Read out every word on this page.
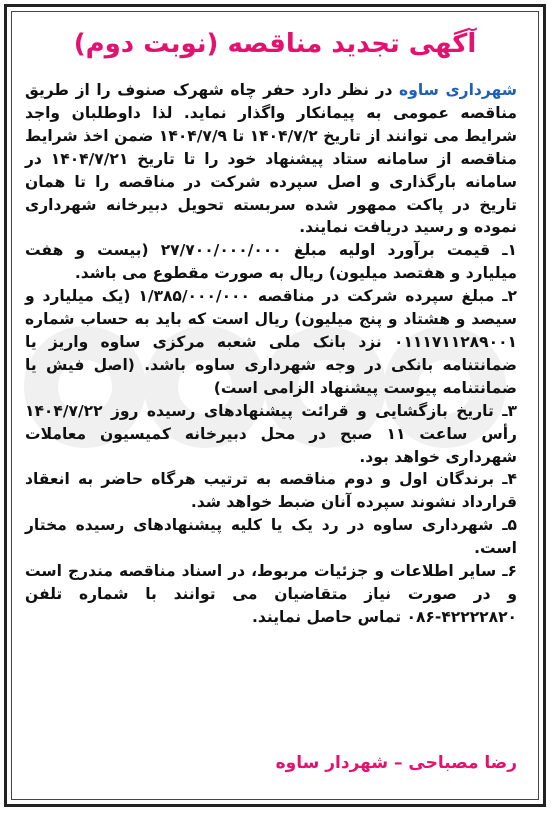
آگهی تجدید مناقصه (نوبت دوم)

شهرداری ساوه در نظر دارد حفر چاه شهرک صنوف را از طریق مناقصه عمومی به پیمانکار واگذار نماید. لذا داوطلبان واجد شرایط می توانند از تاریخ ۱۴۰۴/۷/۲ تا ۱۴۰۴/۷/۹ ضمن اخذ شرایط مناقصه از سامانه ستاد پیشنهاد خود را تا تاریخ ۱۴۰۴/۷/۲۱ در سامانه بارگذاری و اصل سپرده شرکت در مناقصه را تا همان تاریخ در پاکت ممهور شده سربسته تحویل دبیرخانه شهرداری نموده و رسید دریافت نمایند.

۱ـ قیمت برآورد اولیه مبلغ ۲۷/۷۰۰/۰۰۰/۰۰۰ (بیست و هفت میلیارد و هفتصد میلیون) ریال به صورت مقطوع می باشد.

۲ـ مبلغ سپرده شرکت در مناقصه ۱/۳۸۵/۰۰۰/۰۰۰ (یک میلیارد و سیصد و هشتاد و پنج میلیون) ریال است که باید به حساب شماره ۰۱۱۱۷۱۱۲۸۹۰۰۱ نزد بانک ملی شعبه مرکزی ساوه واریز یا ضمانتنامه بانکی در وجه شهرداری ساوه باشد. (اصل فیش یا ضمانتنامه پیوست پیشنهاد الزامی است)

۳ـ تاریخ بازگشایی و قرائت پیشنهادهای رسیده روز ۱۴۰۴/۷/۲۲ رأس ساعت ۱۱ صبح در محل دبیرخانه کمیسیون معاملات شهرداری خواهد بود.

۴ـ برندگان اول و دوم مناقصه به ترتیب هرگاه حاضر به انعقاد قرارداد نشوند سپرده آنان ضبط خواهد شد.

۵ـ شهرداری ساوه در رد یک یا کلیه پیشنهادهای رسیده مختار است.

۶ـ سایر اطلاعات و جزئیات مربوط، در اسناد مناقصه مندرج است و در صورت نیاز متقاضیان می توانند با شماره تلفن ۴۲۲۲۲۸۲۰-۰۸۶ تماس حاصل نمایند.

رضا مصباحی – شهردار ساوه
